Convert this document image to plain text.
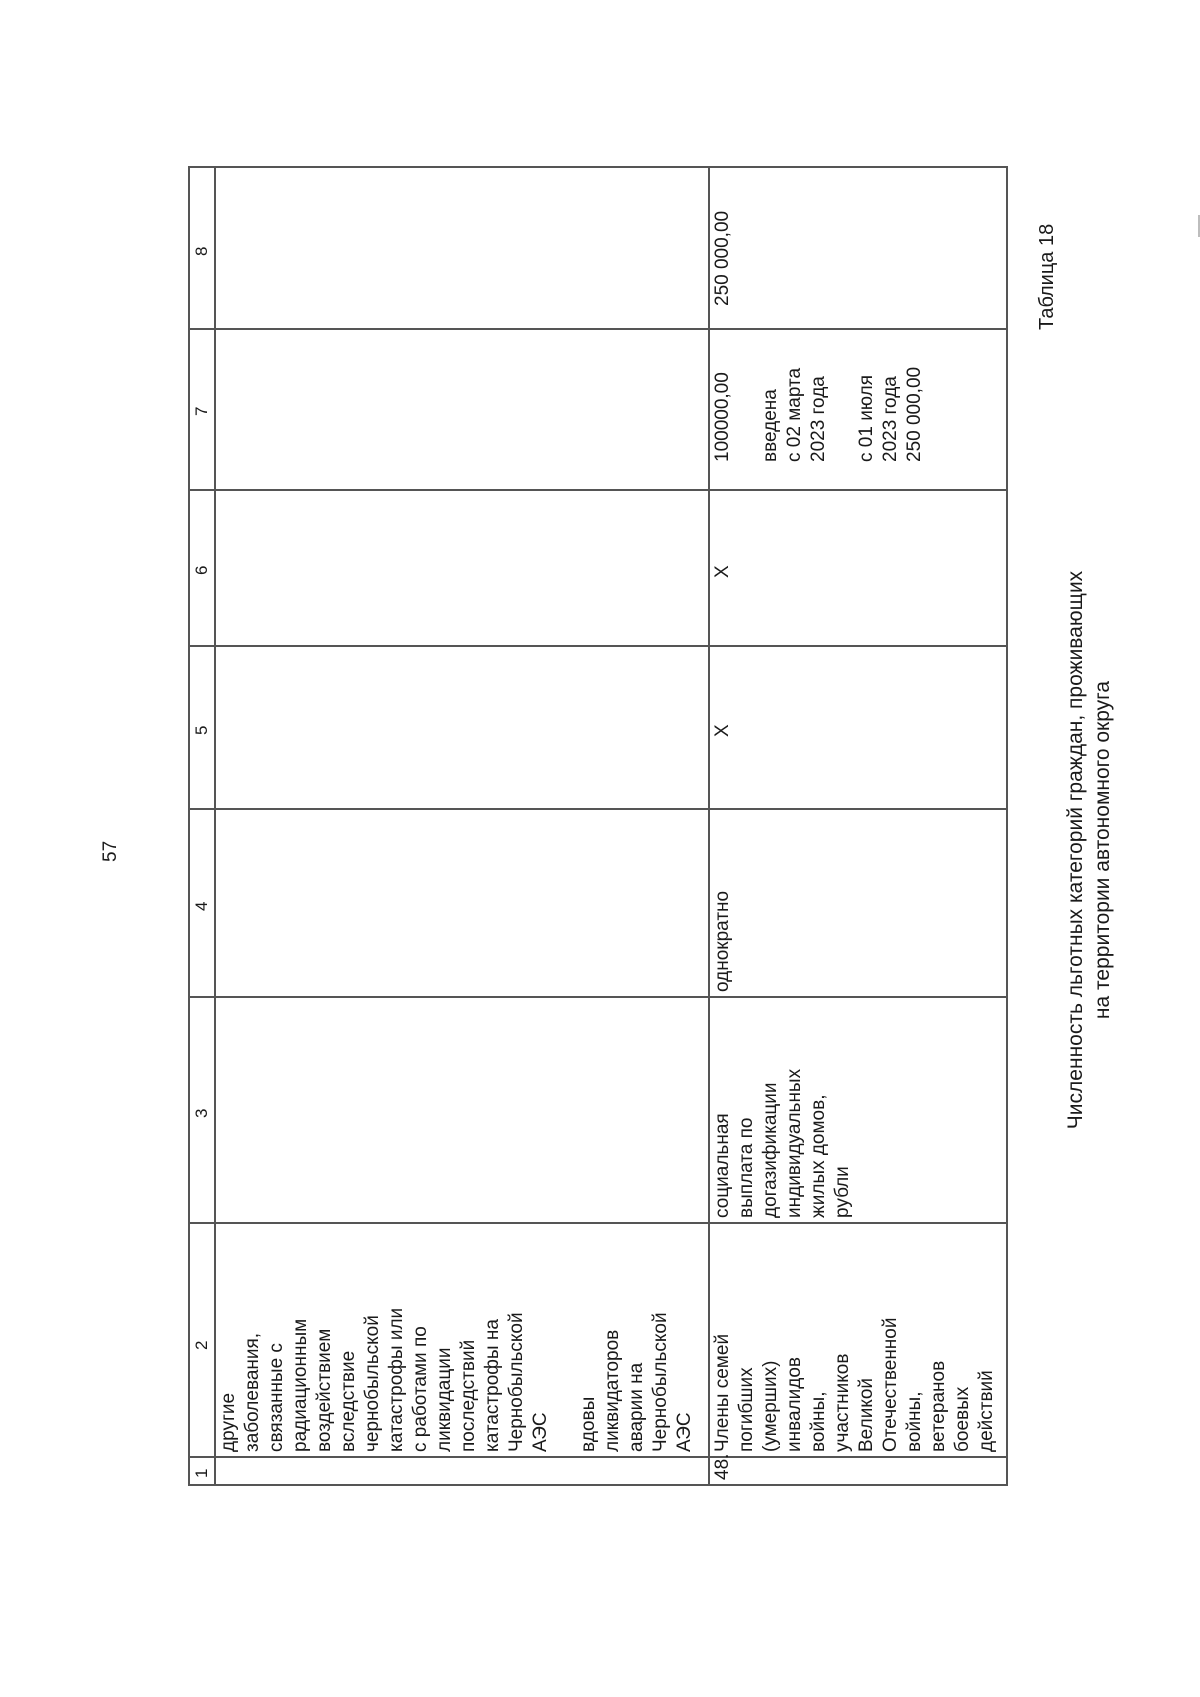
57
1
2
3
4
5
6
7
8
другие
заболевания,
связанные с
радиационным
воздействием
вследствие
чернобыльской
катастрофы или
с работами по
ликвидации
последствий
катастрофы на
Чернобыльской
АЭС

вдовы
ликвидаторов
аварии на
Чернобыльской
АЭС
48.
Члены семей
погибших
(умерших)
инвалидов
войны,
участников
Великой
Отечественной
войны,
ветеранов
боевых
действий
социальная
выплата по
догазификации
индивидуальных
жилых домов,
рубли
однократно
X
X
100000,00

введена
с 02 марта
2023 года

с 01 июля
2023 года
250 000,00
250 000,00
Численность льготных категорий граждан, проживающих
на территории автономного округа
Таблица 18
